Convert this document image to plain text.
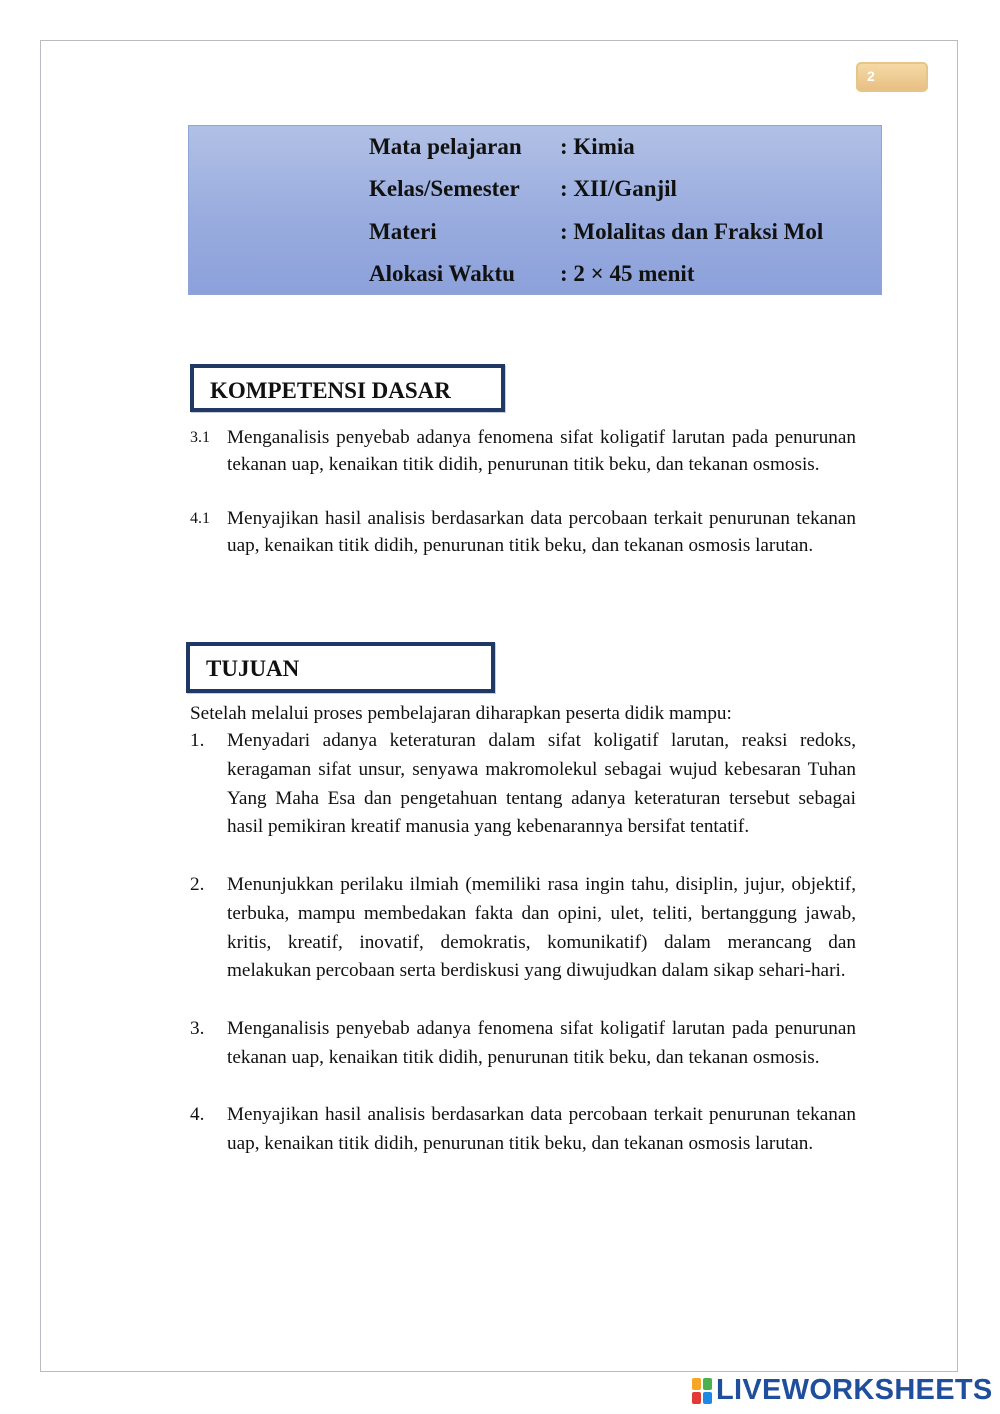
2
Mata pelajaran : Kimia
Kelas/Semester : XII/Ganjil
Materi	: Molalitas dan Fraksi Mol
Alokasi Waktu : 2 × 45 menit
KOMPETENSI DASAR
3.1 Menganalisis penyebab adanya fenomena sifat koligatif larutan pada penurunan tekanan uap, kenaikan titik didih, penurunan titik beku, dan tekanan osmosis.
4.1 Menyajikan hasil analisis berdasarkan data percobaan terkait penurunan tekanan uap, kenaikan titik didih, penurunan titik beku, dan tekanan osmosis larutan.
TUJUAN
Setelah melalui proses pembelajaran diharapkan peserta didik mampu:
1. Menyadari adanya keteraturan dalam sifat koligatif larutan, reaksi redoks, keragaman sifat unsur, senyawa makromolekul sebagai wujud kebesaran Tuhan Yang Maha Esa dan pengetahuan tentang adanya keteraturan tersebut sebagai hasil pemikiran kreatif manusia yang kebenarannya bersifat tentatif.
2. Menunjukkan perilaku ilmiah (memiliki rasa ingin tahu, disiplin, jujur, objektif, terbuka, mampu membedakan fakta dan opini, ulet, teliti, bertanggung jawab, kritis, kreatif, inovatif, demokratis, komunikatif) dalam merancang dan melakukan percobaan serta berdiskusi yang diwujudkan dalam sikap sehari-hari.
3. Menganalisis penyebab adanya fenomena sifat koligatif larutan pada penurunan tekanan uap, kenaikan titik didih, penurunan titik beku, dan tekanan osmosis.
4. Menyajikan hasil analisis berdasarkan data percobaan terkait penurunan tekanan uap, kenaikan titik didih, penurunan titik beku, dan tekanan osmosis larutan.
LIVEWORKSHEETS
